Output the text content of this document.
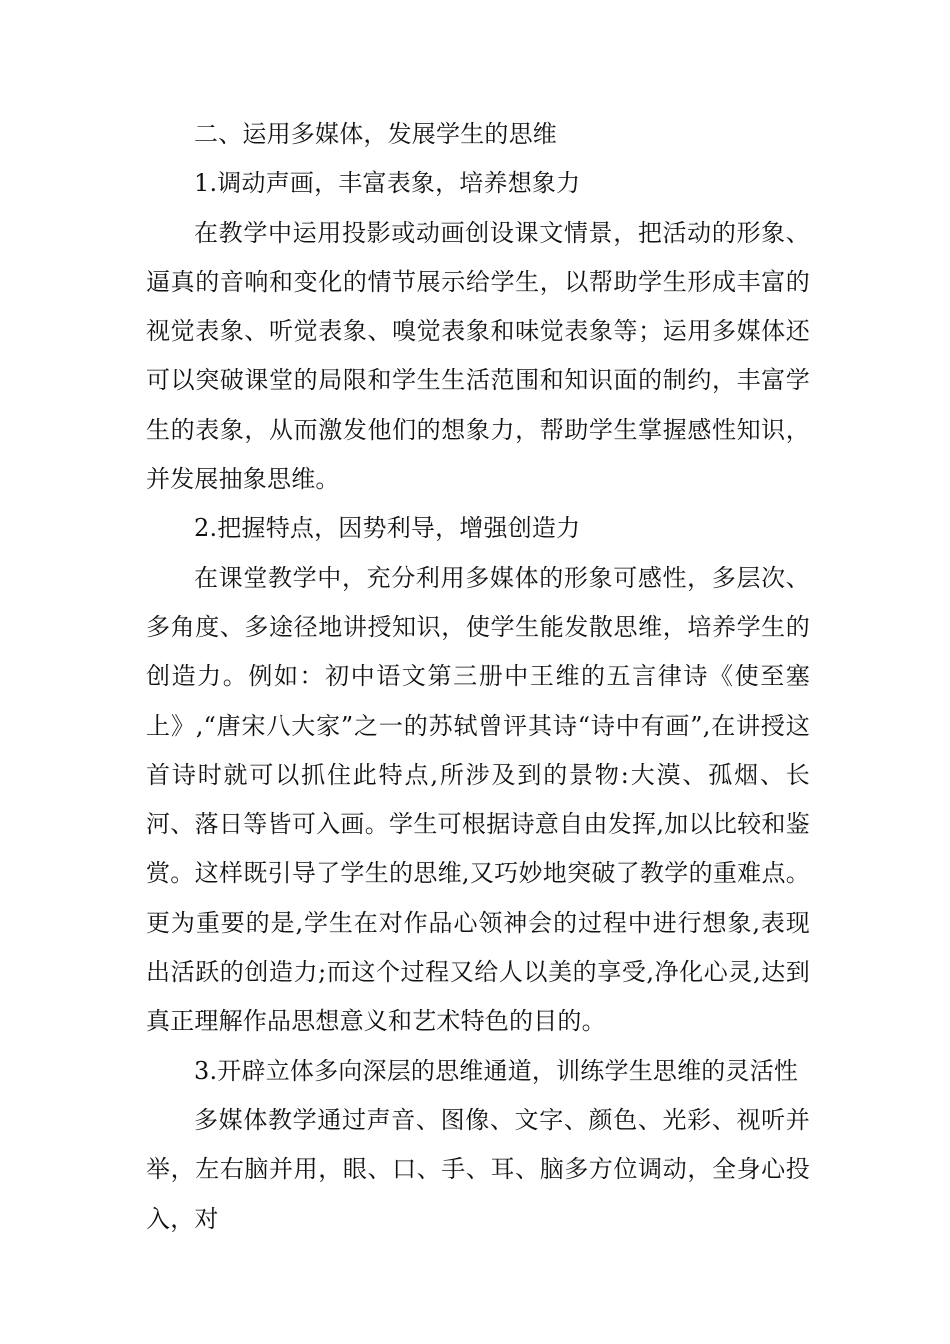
二、运用多媒体，发展学生的思维

1.调动声画，丰富表象，培养想象力

在教学中运用投影或动画创设课文情景，把活动的形象、逼真的音响和变化的情节展示给学生，以帮助学生形成丰富的视觉表象、听觉表象、嗅觉表象和味觉表象等；运用多媒体还可以突破课堂的局限和学生生活范围和知识面的制约，丰富学生的表象，从而激发他们的想象力，帮助学生掌握感性知识，并发展抽象思维。

2.把握特点，因势利导，增强创造力

在课堂教学中，充分利用多媒体的形象可感性，多层次、多角度、多途径地讲授知识，使学生能发散思维，培养学生的创造力。例如：初中语文第三册中王维的五言律诗《使至塞上》,“唐宋八大家”之一的苏轼曾评其诗“诗中有画”,在讲授这首诗时就可以抓住此特点,所涉及到的景物:大漠、孤烟、长河、落日等皆可入画。学生可根据诗意自由发挥,加以比较和鉴赏。这样既引导了学生的思维,又巧妙地突破了教学的重难点。更为重要的是,学生在对作品心领神会的过程中进行想象,表现出活跃的创造力;而这个过程又给人以美的享受,净化心灵,达到真正理解作品思想意义和艺术特色的目的。

3.开辟立体多向深层的思维通道，训练学生思维的灵活性

多媒体教学通过声音、图像、文字、颜色、光彩、视听并举，左右脑并用，眼、口、手、耳、脑多方位调动，全身心投入，对
